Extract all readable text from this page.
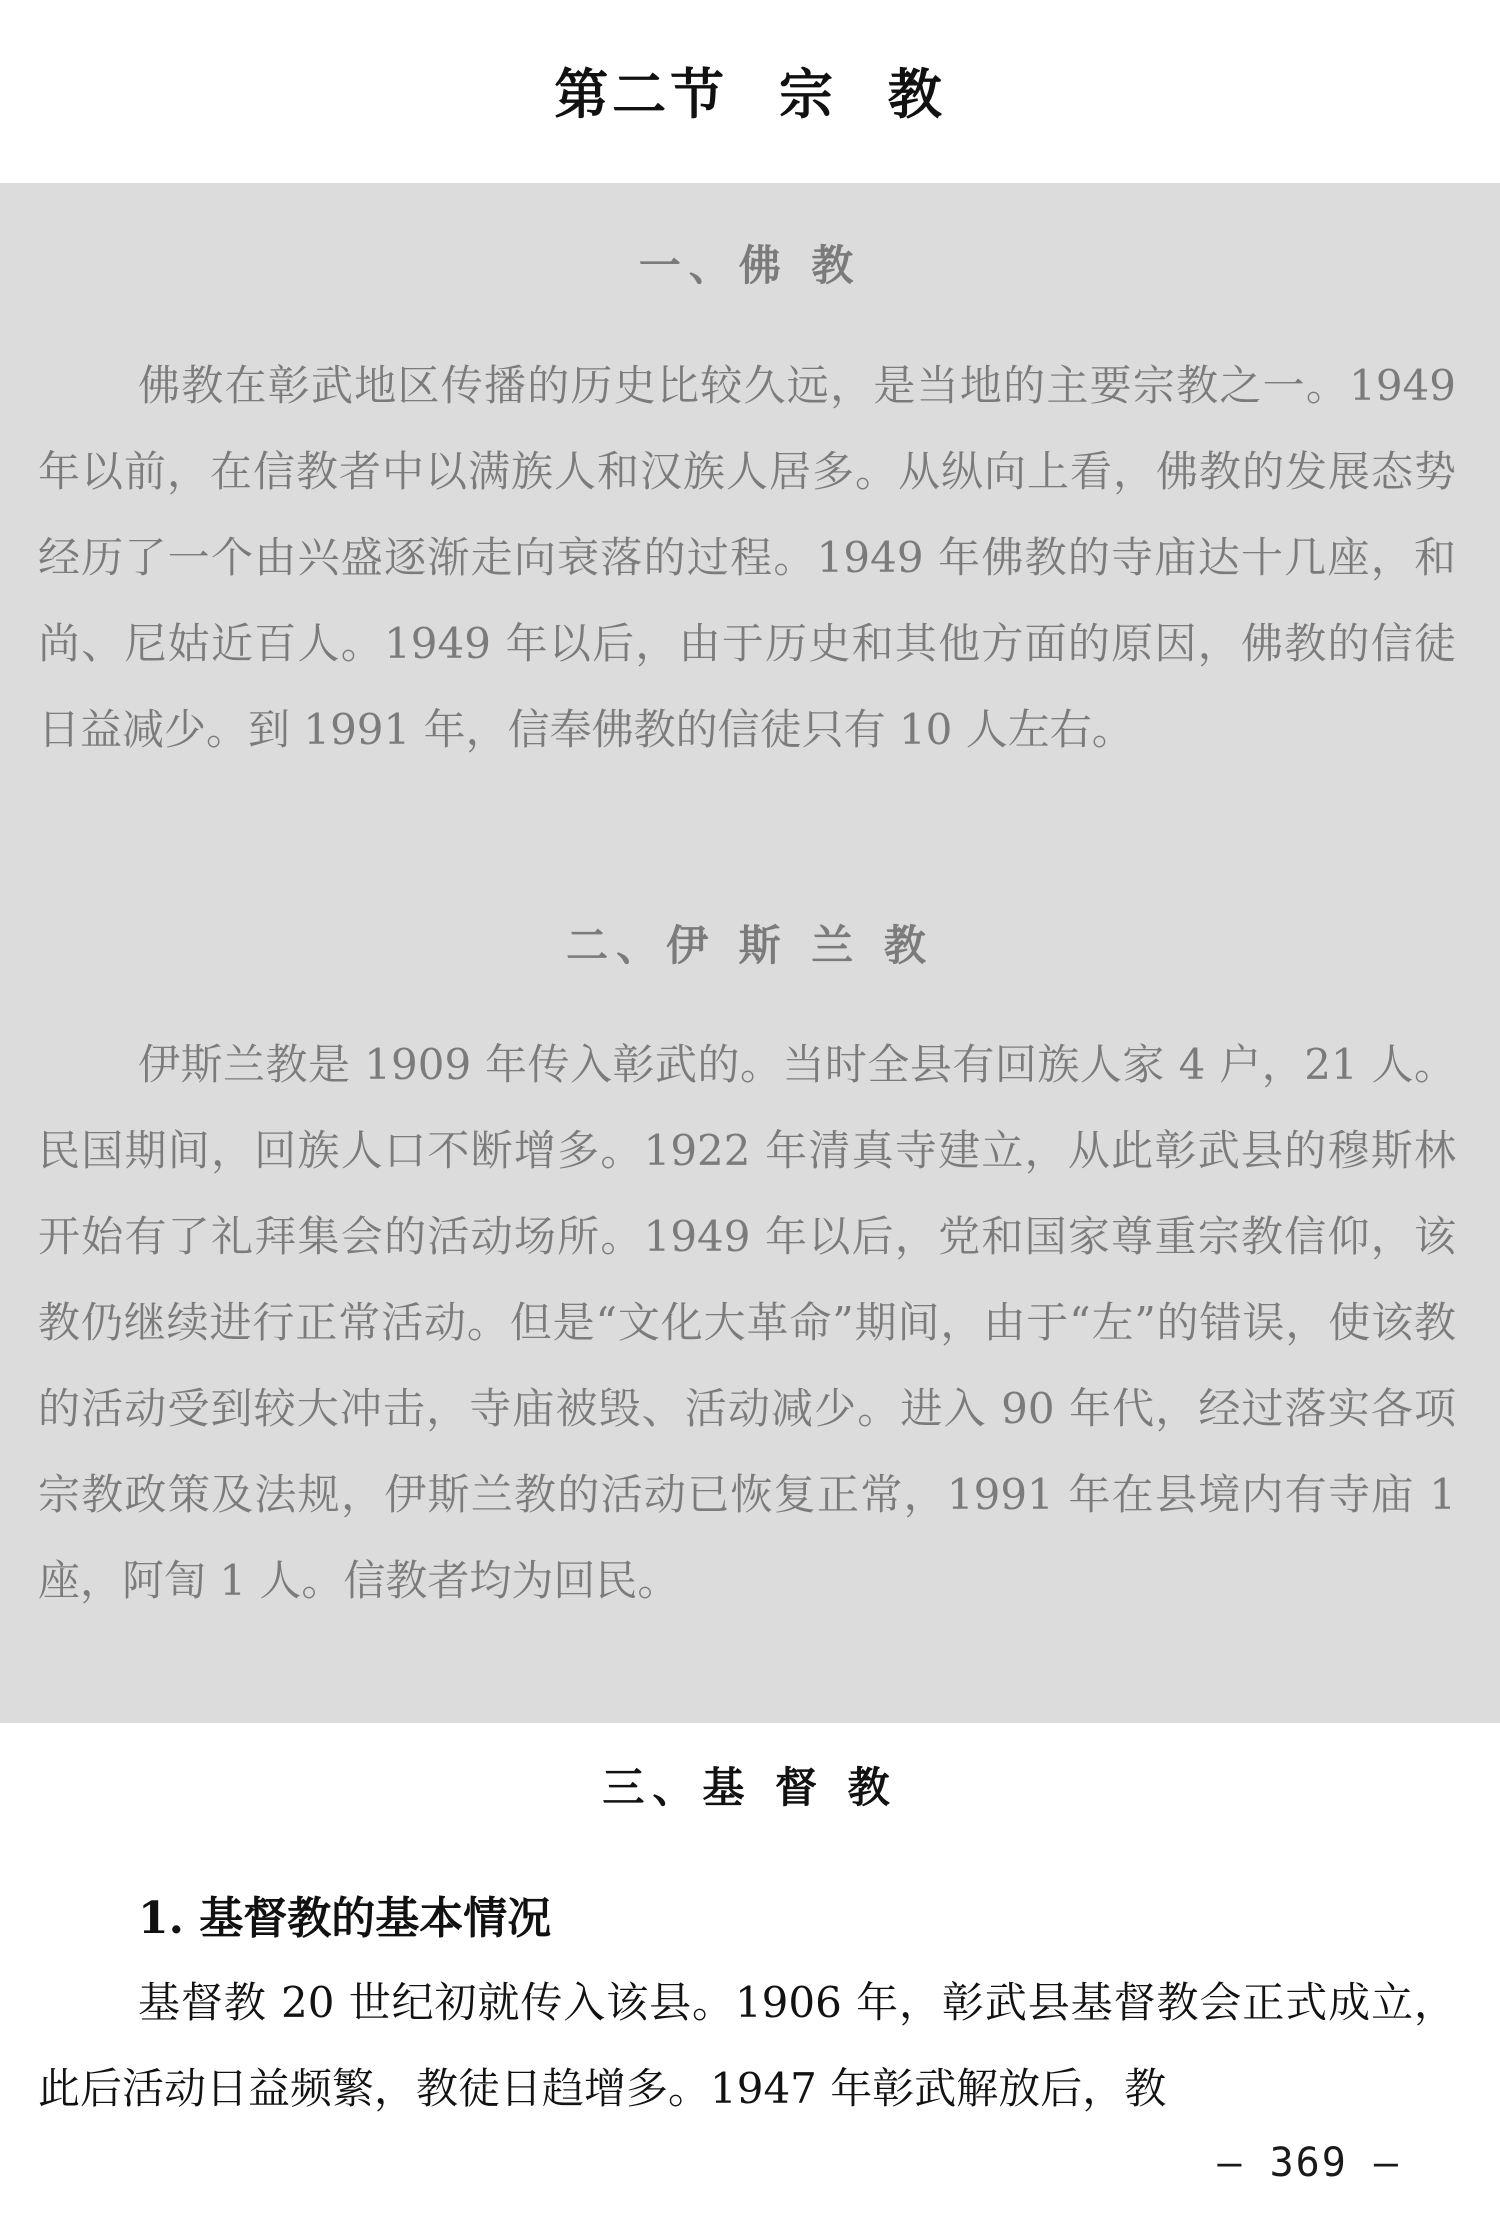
第二节 宗 教
一、佛 教

佛教在彰武地区传播的历史比较久远，是当地的主要宗教之一。1949 年以前，在信教者中以满族人和汉族人居多。从纵向上看，佛教的发展态势经历了一个由兴盛逐渐走向衰落的过程。1949 年佛教的寺庙达十几座，和尚、尼姑近百人。1949 年以后，由于历史和其他方面的原因，佛教的信徒日益减少。到 1991 年，信奉佛教的信徒只有 10 人左右。

二、伊 斯 兰 教

伊斯兰教是 1909 年传入彰武的。当时全县有回族人家 4 户，21 人。民国期间，回族人口不断增多。1922 年清真寺建立，从此彰武县的穆斯林开始有了礼拜集会的活动场所。1949 年以后，党和国家尊重宗教信仰，该教仍继续进行正常活动。但是“文化大革命”期间，由于“左”的错误，使该教的活动受到较大冲击，寺庙被毁、活动减少。进入 90 年代，经过落实各项宗教政策及法规，伊斯兰教的活动已恢复正常，1991 年在县境内有寺庙 1 座，阿訇 1 人。信教者均为回民。

三、基 督 教
1. 基督教的基本情况

基督教 20 世纪初就传入该县。1906 年，彰武县基督教会正式成立，此后活动日益频繁，教徒日趋增多。1947 年彰武解放后，教

— 369 —
